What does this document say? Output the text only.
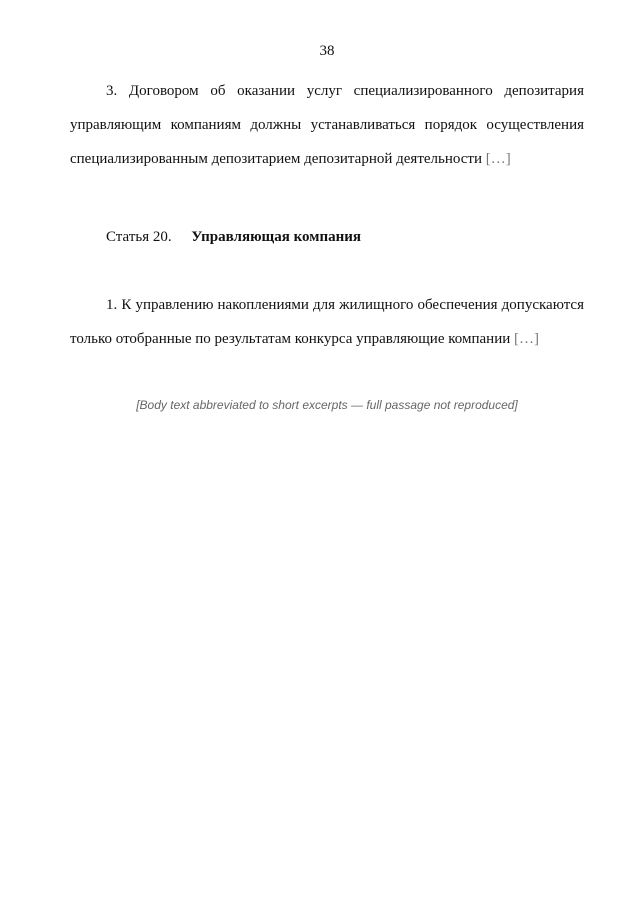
38

3. Договором об оказании услуг специализированного депозитария управляющим компаниям должны устанавливаться порядок осуществления специализированным депозитарием депозитарной деятельности […]

Статья 20. Управляющая компания

1. К управлению накоплениями для жилищного обеспечения допускаются только отобранные по результатам конкурса управляющие компании […]

[Body text abbreviated to short excerpts — full passage not reproduced]
